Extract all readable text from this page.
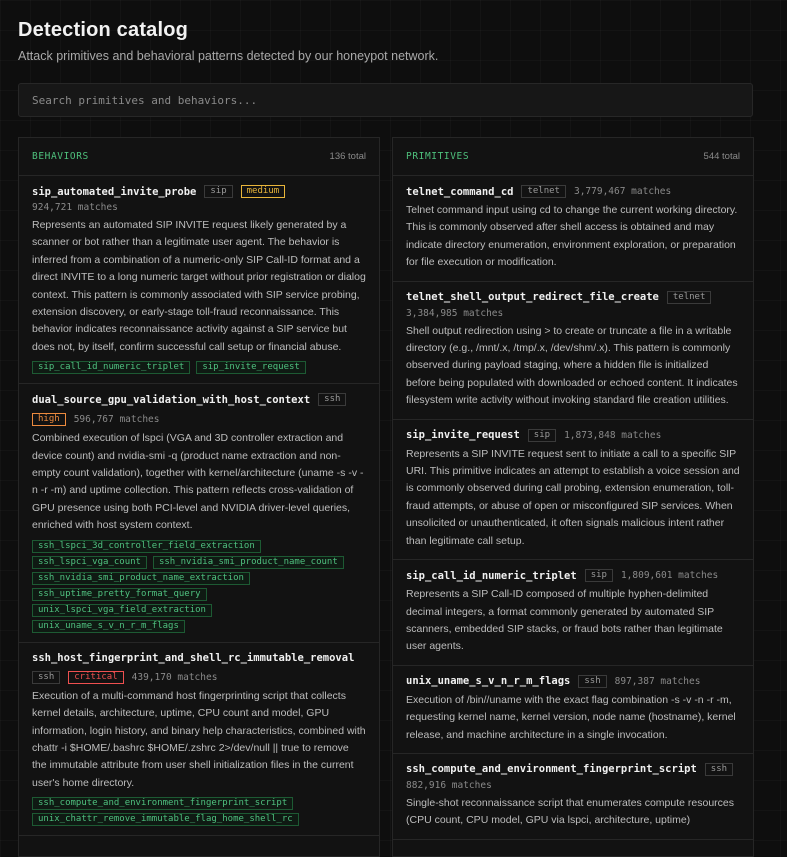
Detection catalog
Attack primitives and behavioral patterns detected by our honeypot network.
Search primitives and behaviors...
BEHAVIORS	136 total
sip_automated_invite_probe	sip	medium
924,721 matches

Represents an automated SIP INVITE request likely generated by a scanner or bot rather than a legitimate user agent. The behavior is inferred from a combination of a numeric-only SIP Call-ID format and a direct INVITE to a long numeric target without prior registration or dialog context. This pattern is commonly associated with SIP service probing, extension discovery, or early-stage toll-fraud reconnaissance. This behavior indicates reconnaissance activity against a SIP service but does not, by itself, confirm successful call setup or financial abuse.

sip_call_id_numeric_triplet	sip_invite_request
dual_source_gpu_validation_with_host_context	ssh
high	596,767 matches

Combined execution of lspci (VGA and 3D controller extraction and device count) and nvidia-smi -q (product name extraction and non-empty count validation), together with kernel/architecture (uname -s -v -n -r -m) and uptime collection. This pattern reflects cross-validation of GPU presence using both PCI-level and NVIDIA driver-level queries, enriched with host system context.

ssh_lspci_3d_controller_field_extraction
ssh_lspci_vga_count	ssh_nvidia_smi_product_name_count
ssh_nvidia_smi_product_name_extraction
ssh_uptime_pretty_format_query
unix_lspci_vga_field_extraction
unix_uname_s_v_n_r_m_flags
ssh_host_fingerprint_and_shell_rc_immutable_removal
ssh	critical	439,170 matches

Execution of a multi-command host fingerprinting script that collects kernel details, architecture, uptime, CPU count and model, GPU information, login history, and binary help characteristics, combined with chattr -i $HOME/.bashrc $HOME/.zshrc 2>/dev/null || true to remove the immutable attribute from user shell initialization files in the current user's home directory.

ssh_compute_and_environment_fingerprint_script
unix_chattr_remove_immutable_flag_home_shell_rc
PRIMITIVES	544 total
telnet_command_cd	telnet	3,779,467 matches

Telnet command input using cd to change the current working directory. This is commonly observed after shell access is obtained and may indicate directory enumeration, environment exploration, or preparation for file execution or modification.

telnet_shell_output_redirect_file_create	telnet
3,384,985 matches

Shell output redirection using > to create or truncate a file in a writable directory (e.g., /mnt/.x, /tmp/.x, /dev/shm/.x). This pattern is commonly observed during payload staging, where a hidden file is initialized before being populated with downloaded or echoed content. It indicates filesystem write activity without invoking standard file creation utilities.

sip_invite_request	sip	1,873,848 matches

Represents a SIP INVITE request sent to initiate a call to a specific SIP URI. This primitive indicates an attempt to establish a voice session and is commonly observed during call probing, extension enumeration, toll-fraud attempts, or abuse of open or misconfigured SIP services. When unsolicited or unauthenticated, it often signals malicious intent rather than legitimate call setup.

sip_call_id_numeric_triplet	sip	1,809,601 matches

Represents a SIP Call-ID composed of multiple hyphen-delimited decimal integers, a format commonly generated by automated SIP scanners, embedded SIP stacks, or fraud bots rather than legitimate user agents.

unix_uname_s_v_n_r_m_flags	ssh	897,387 matches

Execution of /bin//uname with the exact flag combination -s -v -n -r -m, requesting kernel name, kernel version, node name (hostname), kernel release, and machine architecture in a single invocation.

ssh_compute_and_environment_fingerprint_script	ssh
882,916 matches

Single-shot reconnaissance script that enumerates compute resources (CPU count, CPU model, GPU via lspci, architecture, uptime)
